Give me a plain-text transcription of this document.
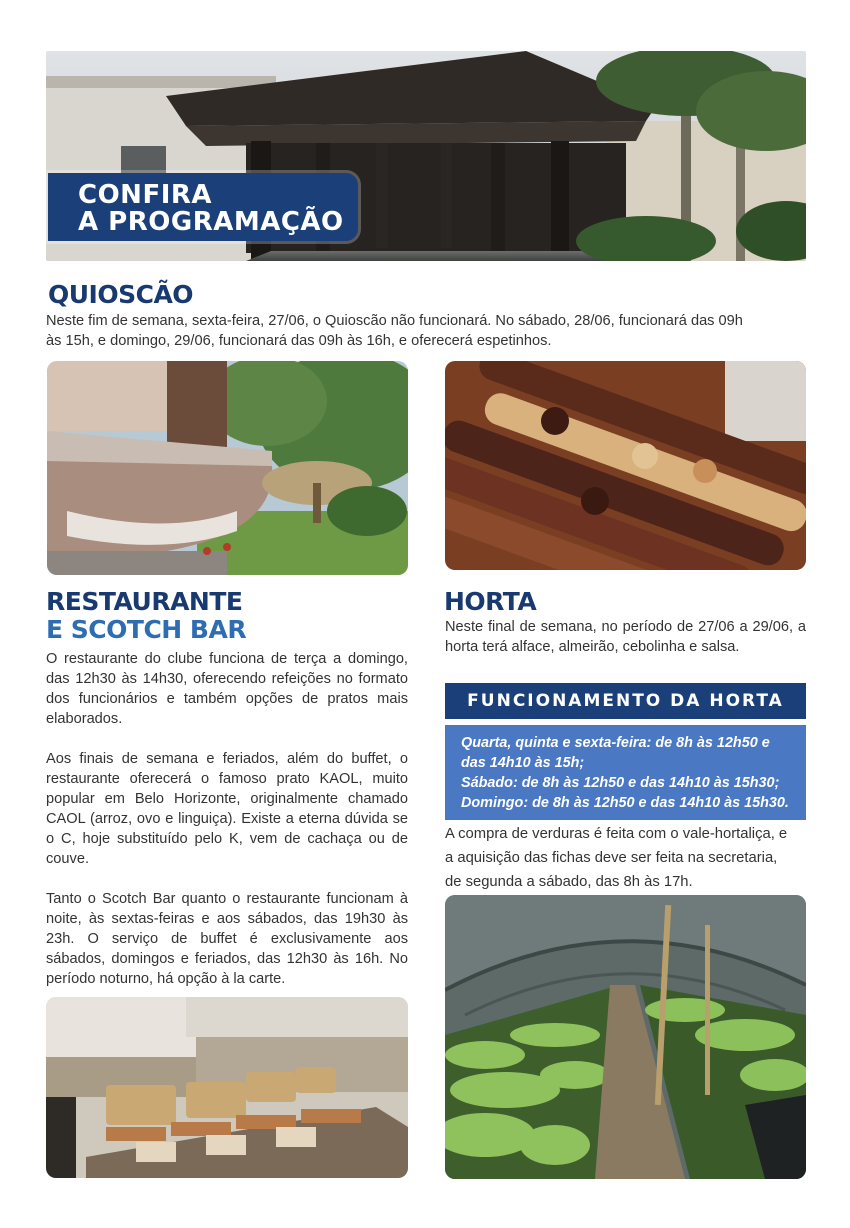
CONFIRA
A PROGRAMAÇÃO
QUIOSCÃO
Neste fim de semana, sexta-feira, 27/06, o Quioscão não funcionará. No sábado, 28/06, funcionará das 09h
às 15h, e domingo, 29/06, funcionará das 09h às 16h, e oferecerá espetinhos.
RESTAURANTE
E SCOTCH BAR

O restaurante do clube funciona de terça a domingo, das 12h30 às 14h30, oferecendo refeições no formato dos funcionários e também opções de pratos mais elaborados.

Aos finais de semana e feriados, além do buffet, o restaurante oferecerá o famoso prato KAOL, muito popular em Belo Horizonte, originalmente chamado CAOL (arroz, ovo e linguiça). Existe a eterna dúvida se o C, hoje substituído pelo K, vem de cachaça ou de couve.

Tanto o Scotch Bar quanto o restaurante funcionam à noite, às sextas-feiras e aos sábados, das 19h30 às 23h. O serviço de buffet é exclusivamente aos sábados, domingos e feriados, das 12h30 às 16h. No período noturno, há opção à la carte.

HORTA

Neste final de semana, no período de 27/06 a 29/06, a horta terá alface, almeirão, cebolinha e salsa.

FUNCIONAMENTO DA HORTA
Quarta, quinta e sexta-feira: de 8h às 12h50 e
das 14h10 às 15h;
Sábado: de 8h às 12h50 e das 14h10 às 15h30;
Domingo: de 8h às 12h50 e das 14h10 às 15h30.
A compra de verduras é feita com o vale-hortaliça, e
a aquisição das fichas deve ser feita na secretaria,
de segunda a sábado, das 8h às 17h.
